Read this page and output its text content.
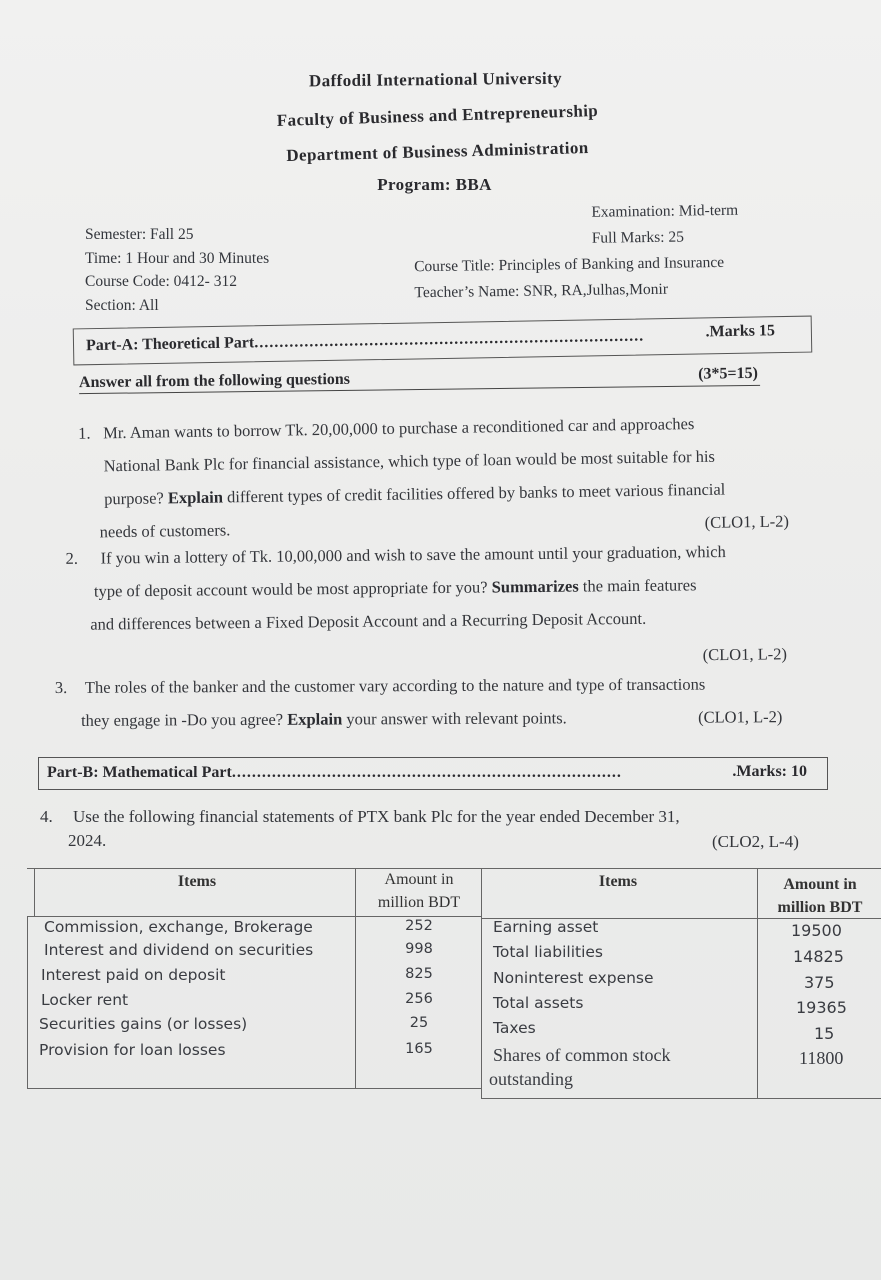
Daffodil International University
Faculty of Business and Entrepreneurship
Department of Business Administration
Program: BBA
Semester: Fall 25
Time: 1 Hour and 30 Minutes
Course Code: 0412- 312
Section: All
Examination: Mid-term
Full Marks: 25
Course Title: Principles of Banking and Insurance
Teacher’s Name: SNR, RA,Julhas,Monir
Part-A: Theoretical Part..............................................................................	.Marks 15
Answer all from the following questions	(3*5=15)
1. Mr. Aman wants to borrow Tk. 20,00,000 to purchase a reconditioned car and approaches
National Bank Plc for financial assistance, which type of loan would be most suitable for his
purpose? Explain different types of credit facilities offered by banks to meet various financial
needs of customers.	(CLO1, L-2)
2.	If you win a lottery of Tk. 10,00,000 and wish to save the amount until your graduation, which
type of deposit account would be most appropriate for you? Summarizes the main features
and differences between a Fixed Deposit Account and a Recurring Deposit Account.
(CLO1, L-2)
3.	The roles of the banker and the customer vary according to the nature and type of transactions
they engage in -Do you agree? Explain your answer with relevant points.	(CLO1, L-2)
Part-B: Mathematical Part..............................................................................	.Marks: 10
4.	Use the following financial statements of PTX bank Plc for the year ended December 31,
2024.	(CLO2, L-4)
Items	Amount in
million BDT
Items	Amount in
million BDT
Commission, exchange, Brokerage	252
Interest and dividend on securities	998
Interest paid on deposit	825
Locker rent	256
Securities gains (or losses)	25
Provision for loan losses	165
Earning asset	19500
Total liabilities	14825
Noninterest expense	375
Total assets	19365
Taxes	15
Shares of common stock
outstanding
11800
